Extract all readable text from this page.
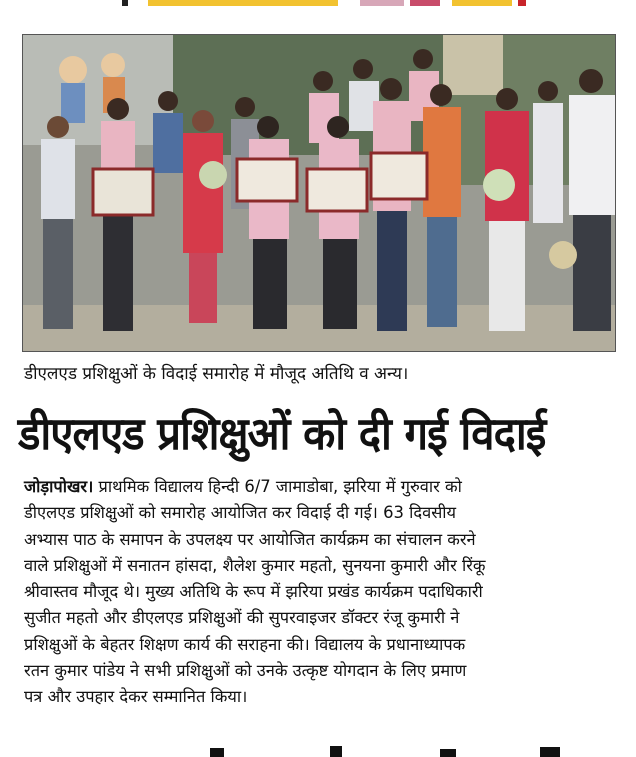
डीएलएड प्रशिक्षुओं के विदाई समारोह में मौजूद अतिथि व अन्य।
डीएलएड प्रशिक्षुओं को दी गई विदाई
जोड़ापोखर। प्राथमिक विद्यालय हिन्दी 6/7 जामाडोबा, झरिया में गुरुवार को
डीएलएड प्रशिक्षुओं को समारोह आयोजित कर विदाई दी गई। 63 दिवसीय
अभ्यास पाठ के समापन के उपलक्ष्य पर आयोजित कार्यक्रम का संचालन करने
वाले प्रशिक्षुओं में सनातन हांसदा, शैलेश कुमार महतो, सुनयना कुमारी और रिंकू
श्रीवास्तव मौजूद थे। मुख्य अतिथि के रूप में झरिया प्रखंड कार्यक्रम पदाधिकारी
सुजीत महतो और डीएलएड प्रशिक्षुओं की सुपरवाइजर डॉक्टर रंजू कुमारी ने
प्रशिक्षुओं के बेहतर शिक्षण कार्य की सराहना की। विद्यालय के प्रधानाध्यापक
रतन कुमार पांडेय ने सभी प्रशिक्षुओं को उनके उत्कृष्ट योगदान के लिए प्रमाण
पत्र और उपहार देकर सम्मानित किया।
